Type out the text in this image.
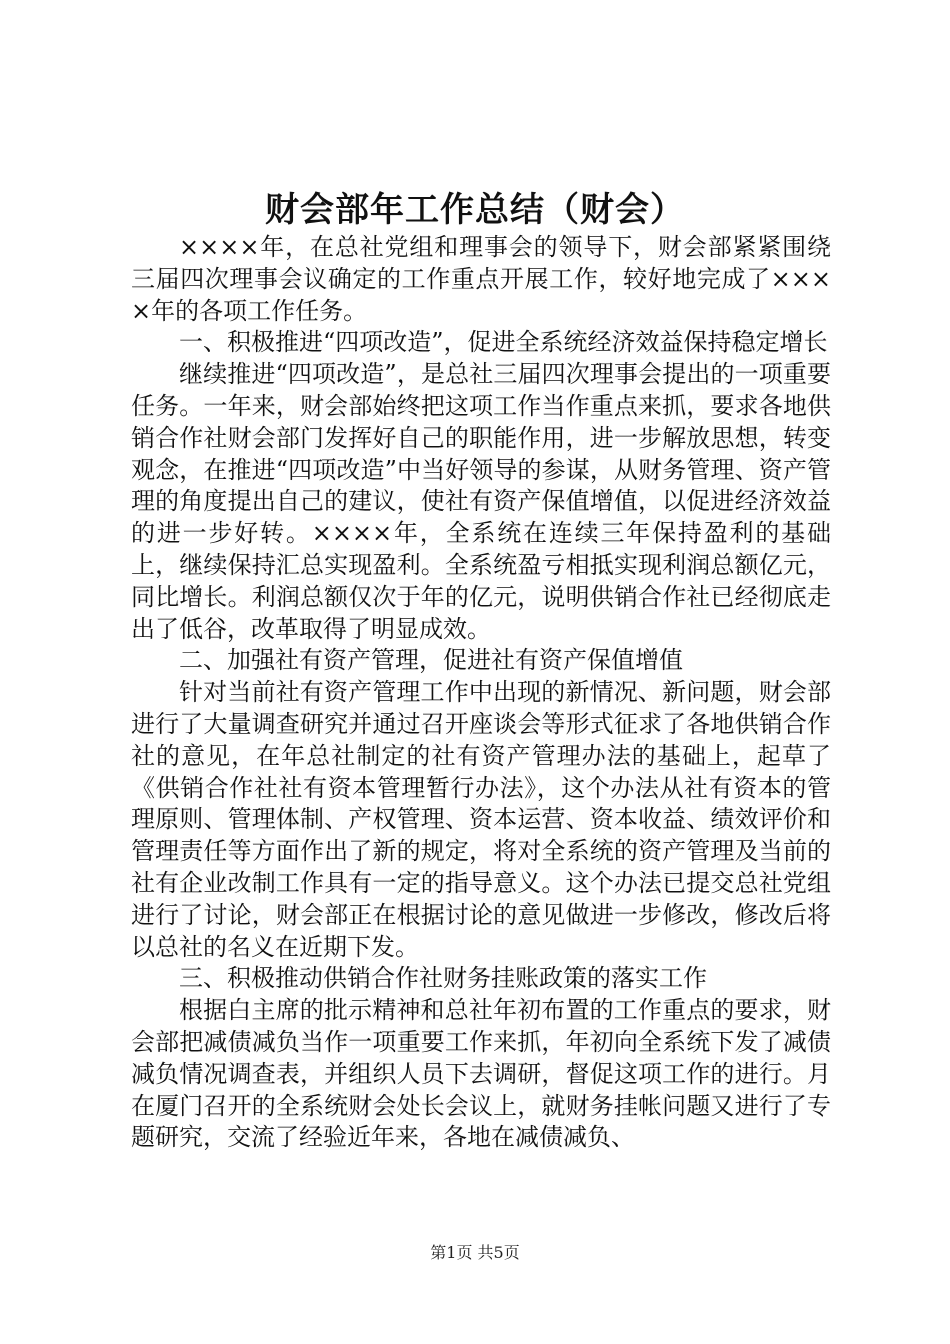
财会部年工作总结（财会）

××××年，在总社党组和理事会的领导下，财会部紧紧围绕三届四次理事会议确定的工作重点开展工作，较好地完成了××××年的各项工作任务。

一、积极推进“四项改造”，促进全系统经济效益保持稳定增长

继续推进“四项改造”，是总社三届四次理事会提出的一项重要任务。一年来，财会部始终把这项工作当作重点来抓，要求各地供销合作社财会部门发挥好自己的职能作用，进一步解放思想，转变观念，在推进“四项改造”中当好领导的参谋，从财务管理、资产管理的角度提出自己的建议，使社有资产保值增值，以促进经济效益的进一步好转。××××年，全系统在连续三年保持盈利的基础上，继续保持汇总实现盈利。全系统盈亏相抵实现利润总额亿元，同比增长。利润总额仅次于年的亿元，说明供销合作社已经彻底走出了低谷，改革取得了明显成效。

二、加强社有资产管理，促进社有资产保值增值

针对当前社有资产管理工作中出现的新情况、新问题，财会部进行了大量调查研究并通过召开座谈会等形式征求了各地供销合作社的意见，在年总社制定的社有资产管理办法的基础上，起草了《供销合作社社有资本管理暂行办法》，这个办法从社有资本的管理原则、管理体制、产权管理、资本运营、资本收益、绩效评价和管理责任等方面作出了新的规定，将对全系统的资产管理及当前的社有企业改制工作具有一定的指导意义。这个办法已提交总社党组进行了讨论，财会部正在根据讨论的意见做进一步修改，修改后将以总社的名义在近期下发。

三、积极推动供销合作社财务挂账政策的落实工作

根据白主席的批示精神和总社年初布置的工作重点的要求，财会部把减债减负当作一项重要工作来抓，年初向全系统下发了减债减负情况调查表，并组织人员下去调研，督促这项工作的进行。月在厦门召开的全系统财会处长会议上，就财务挂帐问题又进行了专题研究，交流了经验近年来，各地在减债减负、

第1页 共5页
